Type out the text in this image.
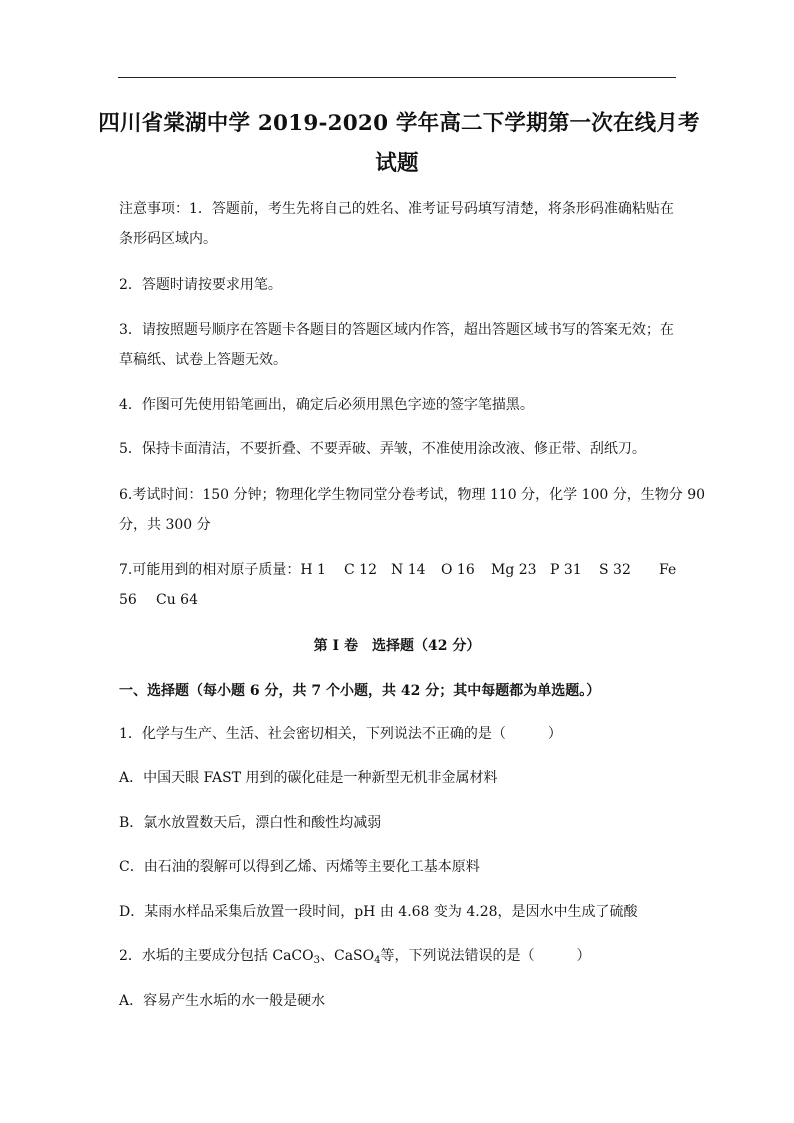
四川省棠湖中学 2019-2020 学年高二下学期第一次在线月考
试题
注意事项：1．答题前，考生先将自己的姓名、准考证号码填写清楚，将条形码准确粘贴在
条形码区域内。
2．答题时请按要求用笔。
3．请按照题号顺序在答题卡各题目的答题区域内作答，超出答题区域书写的答案无效；在
草稿纸、试卷上答题无效。
4．作图可先使用铅笔画出，确定后必须用黑色字迹的签字笔描黑。
5．保持卡面清洁，不要折叠、不要弄破、弄皱，不准使用涂改液、修正带、刮纸刀。
6.考试时间：150 分钟；物理化学生物同堂分卷考试，物理 110 分，化学 100 分，生物分 90
分，共 300 分
7.可能用到的相对原子质量：H 1 C 12 N 14 O 16 Mg 23 P 31 S 32 Fe
56 Cu 64
第 I 卷　选择题（42 分）
一、选择题（每小题 6 分，共 7 个小题，共 42 分；其中每题都为单选题。）
1．化学与生产、生活、社会密切相关，下列说法不正确的是（　　　）
A．中国天眼 FAST 用到的碳化硅是一种新型无机非金属材料
B．氯水放置数天后，漂白性和酸性均减弱
C．由石油的裂解可以得到乙烯、丙烯等主要化工基本原料
D．某雨水样品采集后放置一段时间，pH 由 4.68 变为 4.28，是因水中生成了硫酸
2．水垢的主要成分包括 CaCO$_3$、CaSO$_4$等，下列说法错误的是（　　　）
A．容易产生水垢的水一般是硬水
